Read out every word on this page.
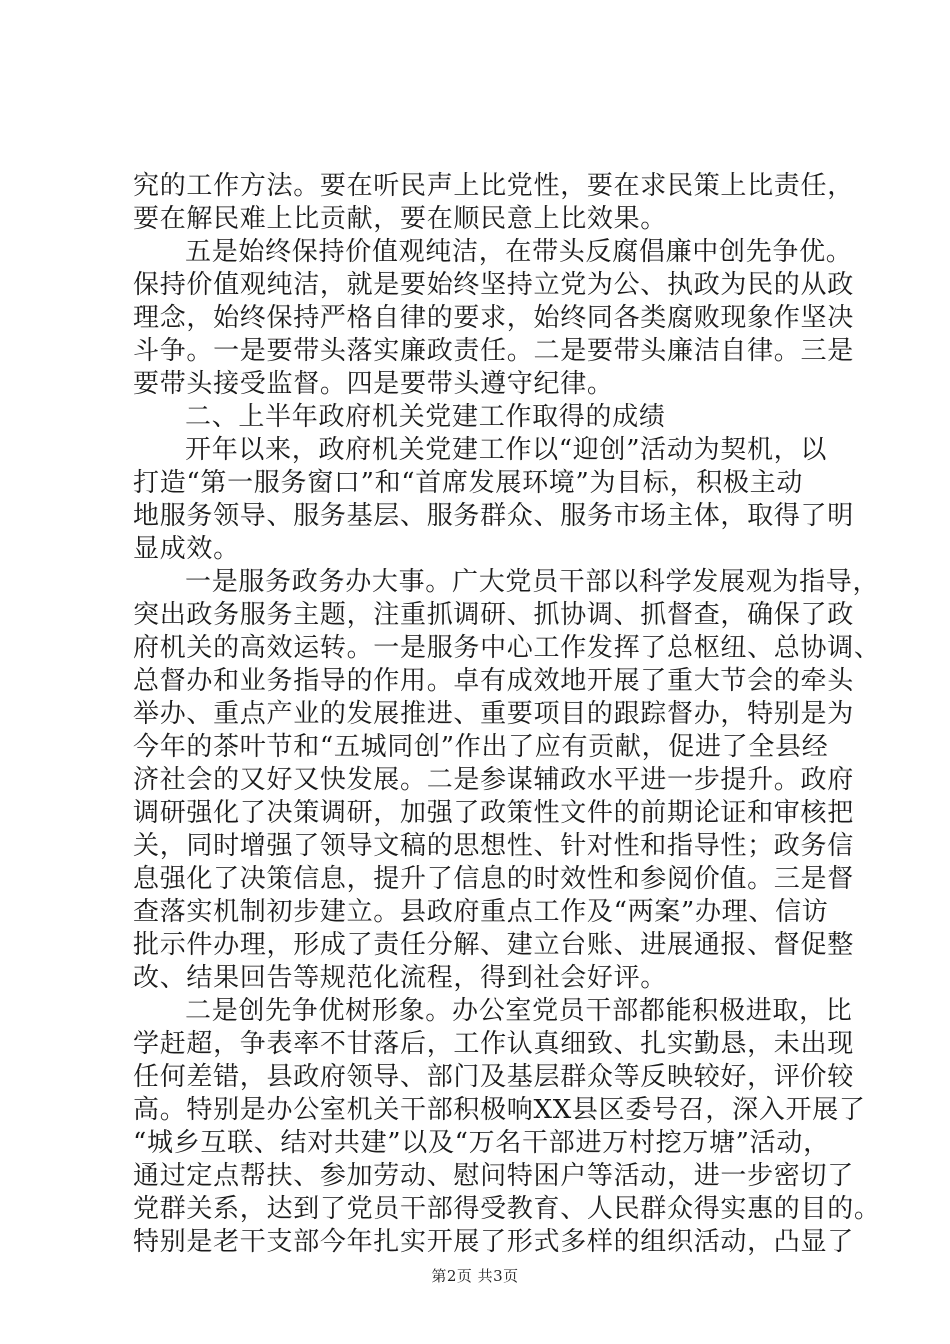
究的工作方法。要在听民声上比党性，要在求民策上比责任，
要在解民难上比贡献，要在顺民意上比效果。
五是始终保持价值观纯洁，在带头反腐倡廉中创先争优。
保持价值观纯洁，就是要始终坚持立党为公、执政为民的从政
理念，始终保持严格自律的要求，始终同各类腐败现象作坚决
斗争。一是要带头落实廉政责任。二是要带头廉洁自律。三是
要带头接受监督。四是要带头遵守纪律。
二、上半年政府机关党建工作取得的成绩
开年以来，政府机关党建工作以“迎创”活动为契机，以
打造“第一服务窗口”和“首席发展环境”为目标，积极主动
地服务领导、服务基层、服务群众、服务市场主体，取得了明
显成效。
一是服务政务办大事。广大党员干部以科学发展观为指导，
突出政务服务主题，注重抓调研、抓协调、抓督查，确保了政
府机关的高效运转。一是服务中心工作发挥了总枢纽、总协调、
总督办和业务指导的作用。卓有成效地开展了重大节会的牵头
举办、重点产业的发展推进、重要项目的跟踪督办，特别是为
今年的茶叶节和“五城同创”作出了应有贡献，促进了全县经
济社会的又好又快发展。二是参谋辅政水平进一步提升。政府
调研强化了决策调研，加强了政策性文件的前期论证和审核把
关，同时增强了领导文稿的思想性、针对性和指导性；政务信
息强化了决策信息，提升了信息的时效性和参阅价值。三是督
查落实机制初步建立。县政府重点工作及“两案”办理、信访
批示件办理，形成了责任分解、建立台账、进展通报、督促整
改、结果回告等规范化流程，得到社会好评。
二是创先争优树形象。办公室党员干部都能积极进取，比
学赶超，争表率不甘落后，工作认真细致、扎实勤恳，未出现
任何差错，县政府领导、部门及基层群众等反映较好，评价较
高。特别是办公室机关干部积极响XX县区委号召，深入开展了
“城乡互联、结对共建”以及“万名干部进万村挖万塘”活动，
通过定点帮扶、参加劳动、慰问特困户等活动，进一步密切了
党群关系，达到了党员干部得受教育、人民群众得实惠的目的。
特别是老干支部今年扎实开展了形式多样的组织活动，凸显了
第2页 共3页
